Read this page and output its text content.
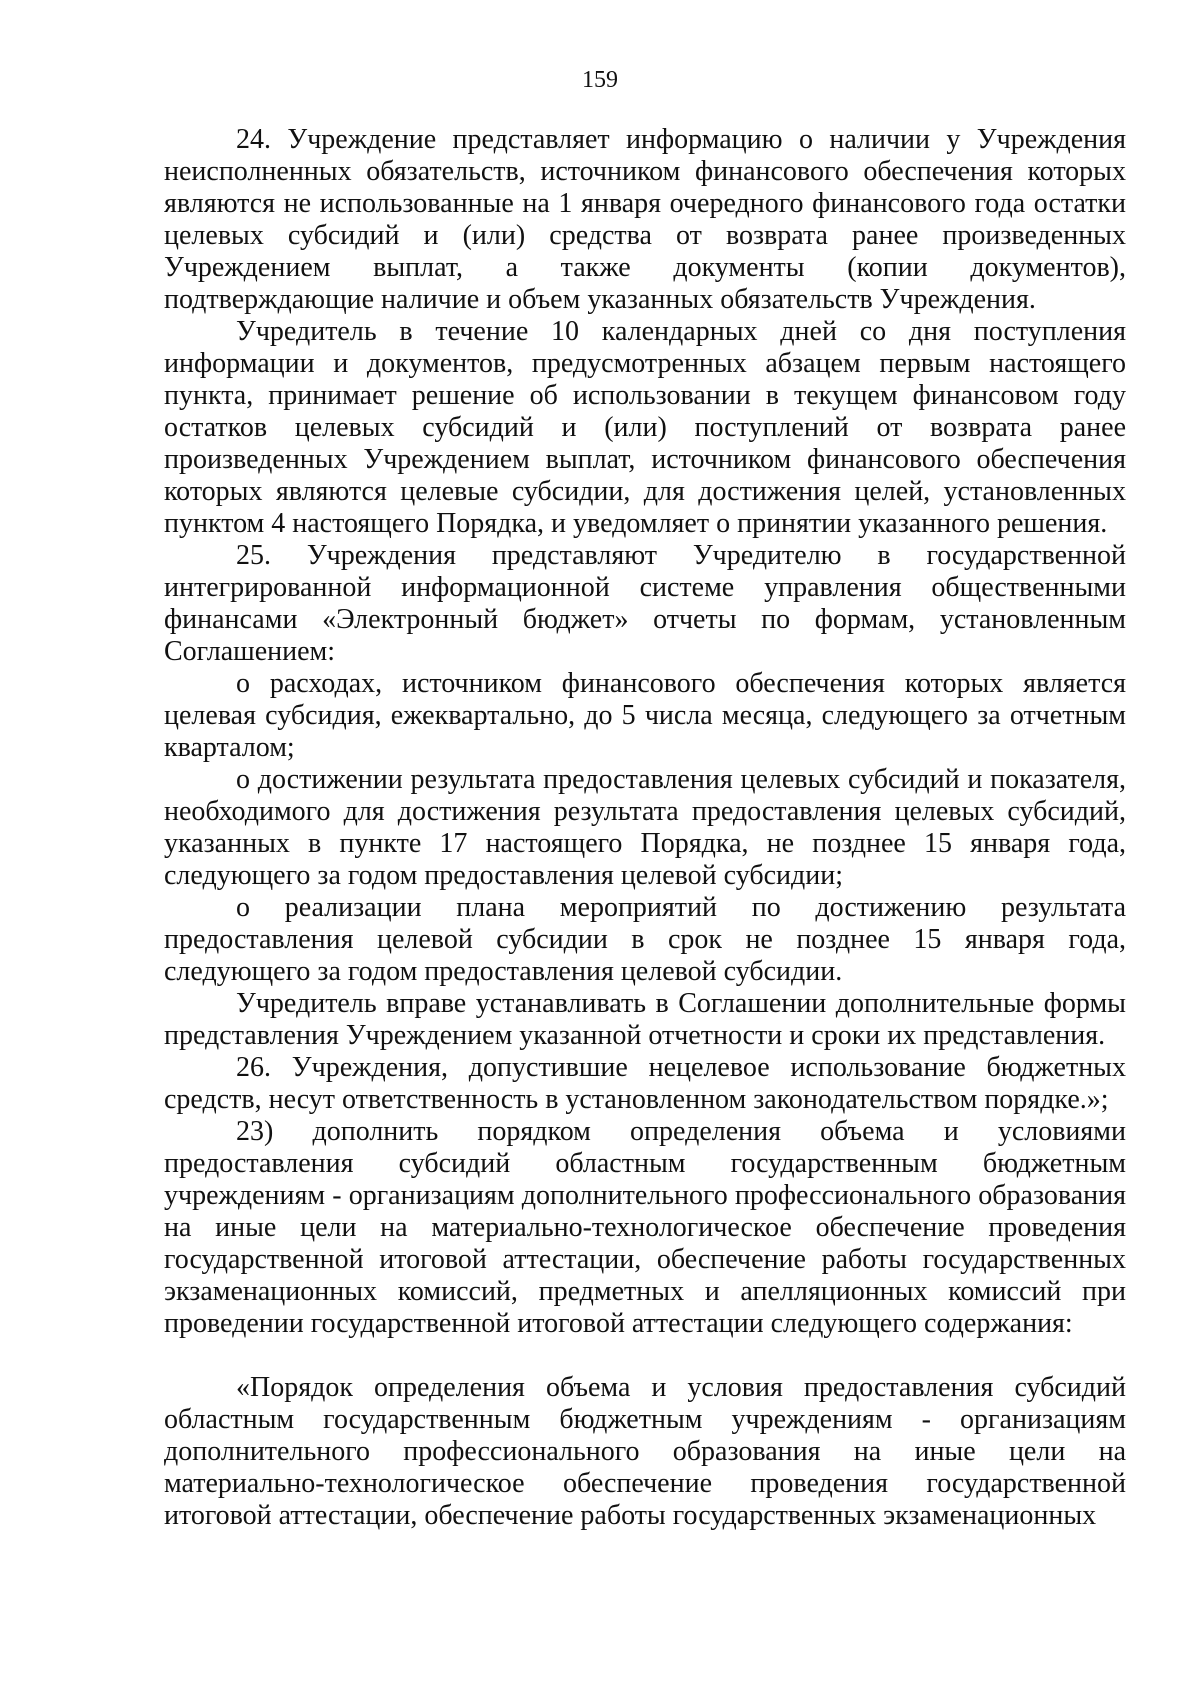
159

24. Учреждение представляет информацию о наличии у Учреждения неисполненных обязательств, источником финансового обеспечения которых являются не использованные на 1 января очередного финансового года остатки целевых субсидий и (или) средства от возврата ранее произведенных Учреждением выплат, а также документы (копии документов), подтверждающие наличие и объем указанных обязательств Учреждения.

Учредитель в течение 10 календарных дней со дня поступления информации и документов, предусмотренных абзацем первым настоящего пункта, принимает решение об использовании в текущем финансовом году остатков целевых субсидий и (или) поступлений от возврата ранее произведенных Учреждением выплат, источником финансового обеспечения которых являются целевые субсидии, для достижения целей, установленных пунктом 4 настоящего Порядка, и уведомляет о принятии указанного решения.

25. Учреждения представляют Учредителю в государственной интегрированной информационной системе управления общественными финансами «Электронный бюджет» отчеты по формам, установленным Соглашением:

о расходах, источником финансового обеспечения которых является целевая субсидия, ежеквартально, до 5 числа месяца, следующего за отчетным кварталом;

о достижении результата предоставления целевых субсидий и показателя, необходимого для достижения результата предоставления целевых субсидий, указанных в пункте 17 настоящего Порядка, не позднее 15 января года, следующего за годом предоставления целевой субсидии;

о реализации плана мероприятий по достижению результата предоставления целевой субсидии в срок не позднее 15 января года, следующего за годом предоставления целевой субсидии.

Учредитель вправе устанавливать в Соглашении дополнительные формы представления Учреждением указанной отчетности и сроки их представления.

26. Учреждения, допустившие нецелевое использование бюджетных средств, несут ответственность в установленном законодательством порядке.»;

23) дополнить порядком определения объема и условиями предоставления субсидий областным государственным бюджетным учреждениям - организациям дополнительного профессионального образования на иные цели на материально-технологическое обеспечение проведения государственной итоговой аттестации, обеспечение работы государственных экзаменационных комиссий, предметных и апелляционных комиссий при проведении государственной итоговой аттестации следующего содержания:

«Порядок определения объема и условия предоставления субсидий областным государственным бюджетным учреждениям - организациям дополнительного профессионального образования на иные цели на материально-технологическое обеспечение проведения государственной итоговой аттестации, обеспечение работы государственных экзаменационных
